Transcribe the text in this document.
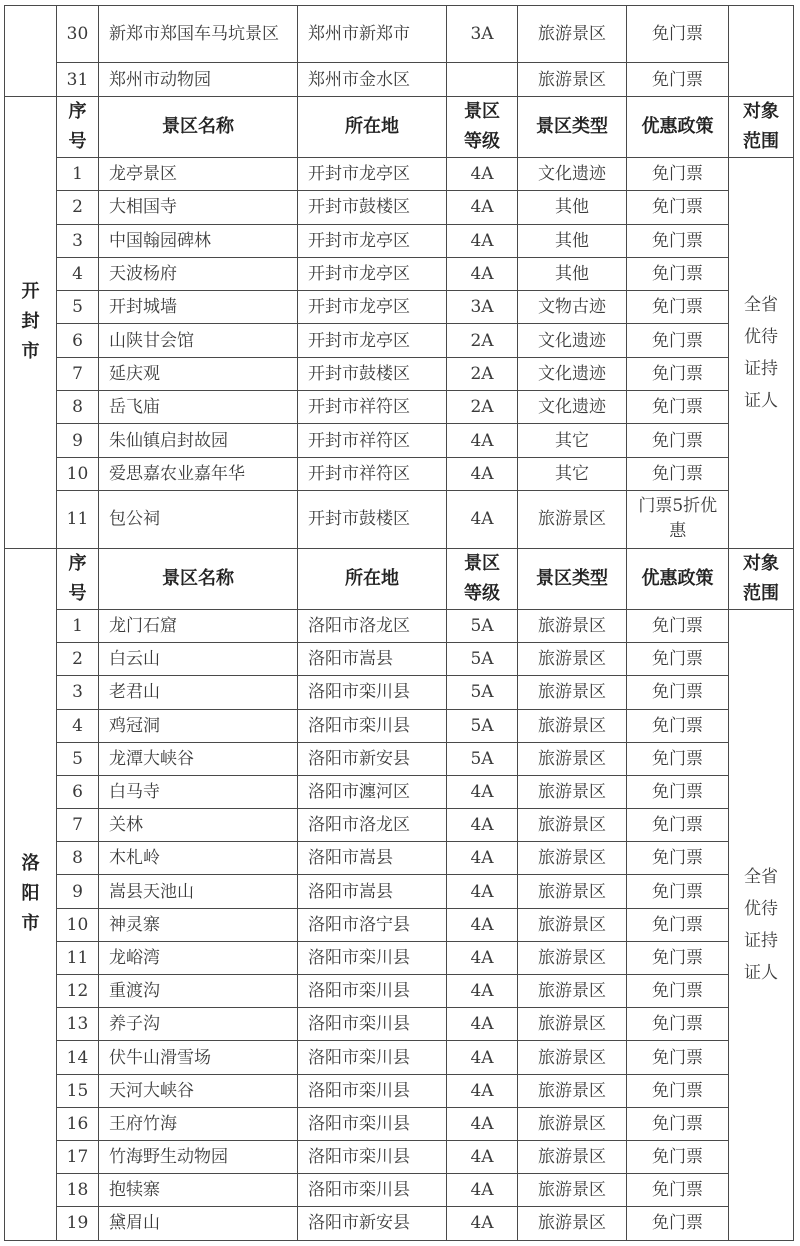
	30	新郑市郑国车马坑景区	郑州市新郑市	3A	旅游景区	免门票	
	31	郑州市动物园	郑州市金水区		旅游景区	免门票	
开封市	序号	景区名称	所在地	景区等级	景区类型	优惠政策	对象范围
	1	龙亭景区	开封市龙亭区	4A	文化遗迹	免门票	全省优待证持证人
	2	大相国寺	开封市鼓楼区	4A	其他	免门票	
	3	中国翰园碑林	开封市龙亭区	4A	其他	免门票	
	4	天波杨府	开封市龙亭区	4A	其他	免门票	
	5	开封城墙	开封市龙亭区	3A	文物古迹	免门票	
	6	山陕甘会馆	开封市龙亭区	2A	文化遗迹	免门票	
	7	延庆观	开封市鼓楼区	2A	文化遗迹	免门票	
	8	岳飞庙	开封市祥符区	2A	文化遗迹	免门票	
	9	朱仙镇启封故园	开封市祥符区	4A	其它	免门票	
	10	爱思嘉农业嘉年华	开封市祥符区	4A	其它	免门票	
	11	包公祠	开封市鼓楼区	4A	旅游景区	门票5折优惠	
洛阳市	序号	景区名称	所在地	景区等级	景区类型	优惠政策	对象范围
	1	龙门石窟	洛阳市洛龙区	5A	旅游景区	免门票	全省优待证持证人
	2	白云山	洛阳市嵩县	5A	旅游景区	免门票	
	3	老君山	洛阳市栾川县	5A	旅游景区	免门票	
	4	鸡冠洞	洛阳市栾川县	5A	旅游景区	免门票	
	5	龙潭大峡谷	洛阳市新安县	5A	旅游景区	免门票	
	6	白马寺	洛阳市瀍河区	4A	旅游景区	免门票	
	7	关林	洛阳市洛龙区	4A	旅游景区	免门票	
	8	木札岭	洛阳市嵩县	4A	旅游景区	免门票	
	9	嵩县天池山	洛阳市嵩县	4A	旅游景区	免门票	
	10	神灵寨	洛阳市洛宁县	4A	旅游景区	免门票	
	11	龙峪湾	洛阳市栾川县	4A	旅游景区	免门票	
	12	重渡沟	洛阳市栾川县	4A	旅游景区	免门票	
	13	养子沟	洛阳市栾川县	4A	旅游景区	免门票	
	14	伏牛山滑雪场	洛阳市栾川县	4A	旅游景区	免门票	
	15	天河大峡谷	洛阳市栾川县	4A	旅游景区	免门票	
	16	王府竹海	洛阳市栾川县	4A	旅游景区	免门票	
	17	竹海野生动物园	洛阳市栾川县	4A	旅游景区	免门票	
	18	抱犊寨	洛阳市栾川县	4A	旅游景区	免门票	
	19	黛眉山	洛阳市新安县	4A	旅游景区	免门票	
